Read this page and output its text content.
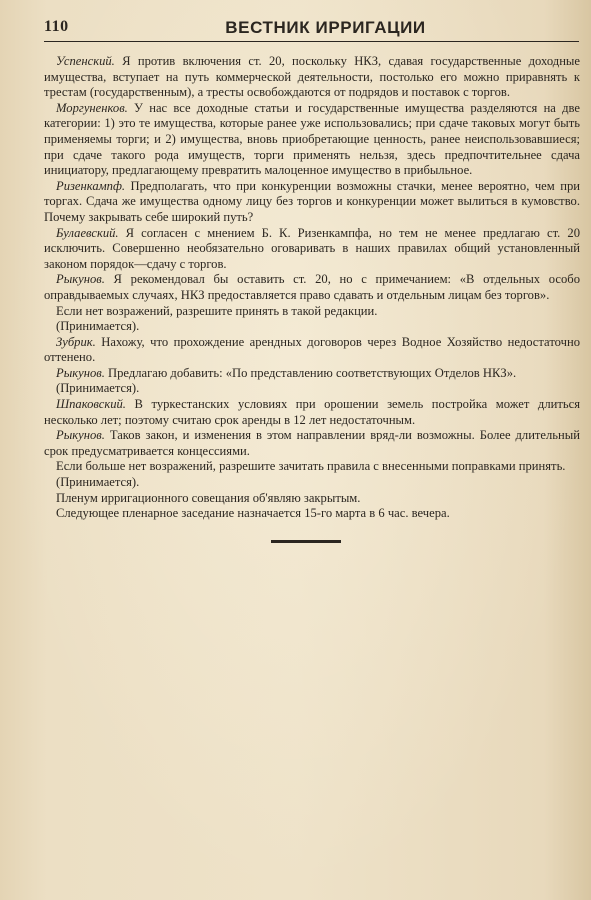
110	ВЕСТНИК ИРРИГАЦИИ

Успенский. Я против включения ст. 20, поскольку НКЗ, сдавая государственные доходные имущества, вступает на путь коммерческой деятельности, постолько его можно приравнять к трестам (государственным), а тресты освобождаются от подрядов и поставок с торгов.

Моргуненков. У нас все доходные статьи и государственные имущества разделяются на две категории: 1) это те имущества, которые ранее уже использовались; при сдаче таковых могут быть применяемы торги; и 2) имущества, вновь приобретающие ценность, ранее неиспользовавшиеся; при сдаче такого рода имуществ, торги применять нельзя, здесь предпочтительнее сдача инициатору, предлагающему превратить малоценное имущество в прибыльное.

Ризенкампф. Предполагать, что при конкуренции возможны стачки, менее вероятно, чем при торгах. Сдача же имущества одному лицу без торгов и конкуренции может вылиться в кумовство. Почему закрывать себе широкий путь?

Булаевский. Я согласен с мнением Б. К. Ризенкампфа, но тем не менее предлагаю ст. 20 исключить. Совершенно необязательно оговаривать в наших правилах общий установленный законом порядок—сдачу с торгов.

Рыкунов. Я рекомендовал бы оставить ст. 20, но с примечанием: «В отдельных особо оправдываемых случаях, НКЗ предоставляется право сдавать и отдельным лицам без торгов».

Если нет возражений, разрешите принять в такой редакции.

(Принимается).

Зубрик. Нахожу, что прохождение арендных договоров через Водное Хозяйство недостаточно оттенено.

Рыкунов. Предлагаю добавить: «По представлению соответствующих Отделов НКЗ».

(Принимается).

Шпаковский. В туркестанских условиях при орошении земель постройка может длиться несколько лет; поэтому считаю срок аренды в 12 лет недостаточным.

Рыкунов. Таков закон, и изменения в этом направлении вряд-ли возможны. Более длительный срок предусматривается концессиями.

Если больше нет возражений, разрешите зачитать правила с внесенными поправками принять.

(Принимается).

Пленум ирригационного совещания об'являю закрытым.

Следующее пленарное заседание назначается 15-го марта в 6 час. вечера.
